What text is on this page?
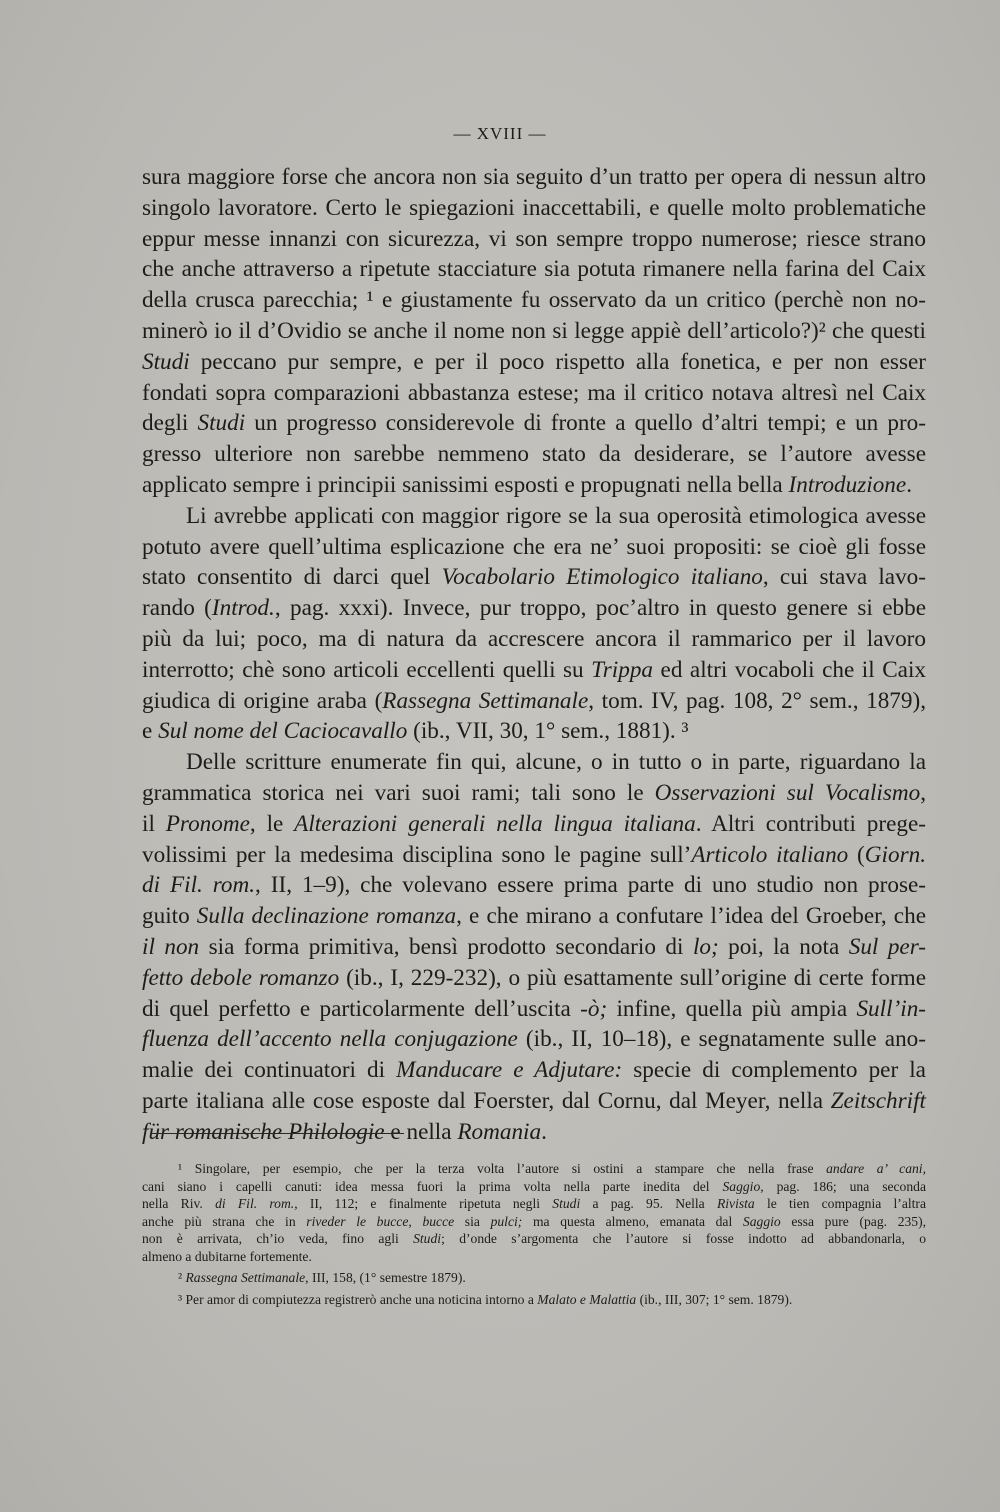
— XVIII —
sura maggiore forse che ancora non sia seguito d’un tratto per opera di nessun altro
singolo lavoratore. Certo le spiegazioni inaccettabili, e quelle molto problematiche
eppur messe innanzi con sicurezza, vi son sempre troppo numerose; riesce strano
che anche attraverso a ripetute stacciature sia potuta rimanere nella farina del Caix
della crusca parecchia; ¹ e giustamente fu osservato da un critico (perchè non no-
minerò io il d’Ovidio se anche il nome non si legge appiè dell’articolo?)² che questi
Studi peccano pur sempre, e per il poco rispetto alla fonetica, e per non esser
fondati sopra comparazioni abbastanza estese; ma il critico notava altresì nel Caix
degli Studi un progresso considerevole di fronte a quello d’altri tempi; e un pro-
gresso ulteriore non sarebbe nemmeno stato da desiderare, se l’autore avesse
applicato sempre i principii sanissimi esposti e propugnati nella bella Introduzione.
Li avrebbe applicati con maggior rigore se la sua operosità etimologica avesse
potuto avere quell’ultima esplicazione che era ne’ suoi propositi: se cioè gli fosse
stato consentito di darci quel Vocabolario Etimologico italiano, cui stava lavo-
rando (Introd., pag. xxxi). Invece, pur troppo, poc’altro in questo genere si ebbe
più da lui; poco, ma di natura da accrescere ancora il rammarico per il lavoro
interrotto; chè sono articoli eccellenti quelli su Trippa ed altri vocaboli che il Caix
giudica di origine araba (Rassegna Settimanale, tom. IV, pag. 108, 2° sem., 1879),
e Sul nome del Caciocavallo (ib., VII, 30, 1° sem., 1881). ³
Delle scritture enumerate fin qui, alcune, o in tutto o in parte, riguardano la
grammatica storica nei vari suoi rami; tali sono le Osservazioni sul Vocalismo,
il Pronome, le Alterazioni generali nella lingua italiana. Altri contributi prege-
volissimi per la medesima disciplina sono le pagine sull’Articolo italiano (Giorn.
di Fil. rom., II, 1–9), che volevano essere prima parte di uno studio non prose-
guito Sulla declinazione romanza, e che mirano a confutare l’idea del Groeber, che
il non sia forma primitiva, bensì prodotto secondario di lo; poi, la nota Sul per-
fetto debole romanzo (ib., I, 229-232), o più esattamente sull’origine di certe forme
di quel perfetto e particolarmente dell’uscita -ò; infine, quella più ampia Sull’in-
fluenza dell’accento nella conjugazione (ib., II, 10–18), e segnatamente sulle ano-
malie dei continuatori di Manducare e Adjutare: specie di complemento per la
parte italiana alle cose esposte dal Foerster, dal Cornu, dal Meyer, nella Zeitschrift
für romanische Philologie e nella Romania.
¹ Singolare, per esempio, che per la terza volta l’autore si ostini a stampare che nella frase andare a’ cani,
cani siano i capelli canuti: idea messa fuori la prima volta nella parte inedita del Saggio, pag. 186; una seconda
nella Riv. di Fil. rom., II, 112; e finalmente ripetuta negli Studi a pag. 95. Nella Rivista le tien compagnia l’altra
anche più strana che in riveder le bucce, bucce sia pulci; ma questa almeno, emanata dal Saggio essa pure (pag. 235),
non è arrivata, ch’io veda, fino agli Studi; d’onde s’argomenta che l’autore si fosse indotto ad abbandonarla, o
almeno a dubitarne fortemente.
² Rassegna Settimanale, III, 158, (1° semestre 1879).
³ Per amor di compiutezza registrerò anche una noticina intorno a Malato e Malattia (ib., III, 307; 1° sem. 1879).
